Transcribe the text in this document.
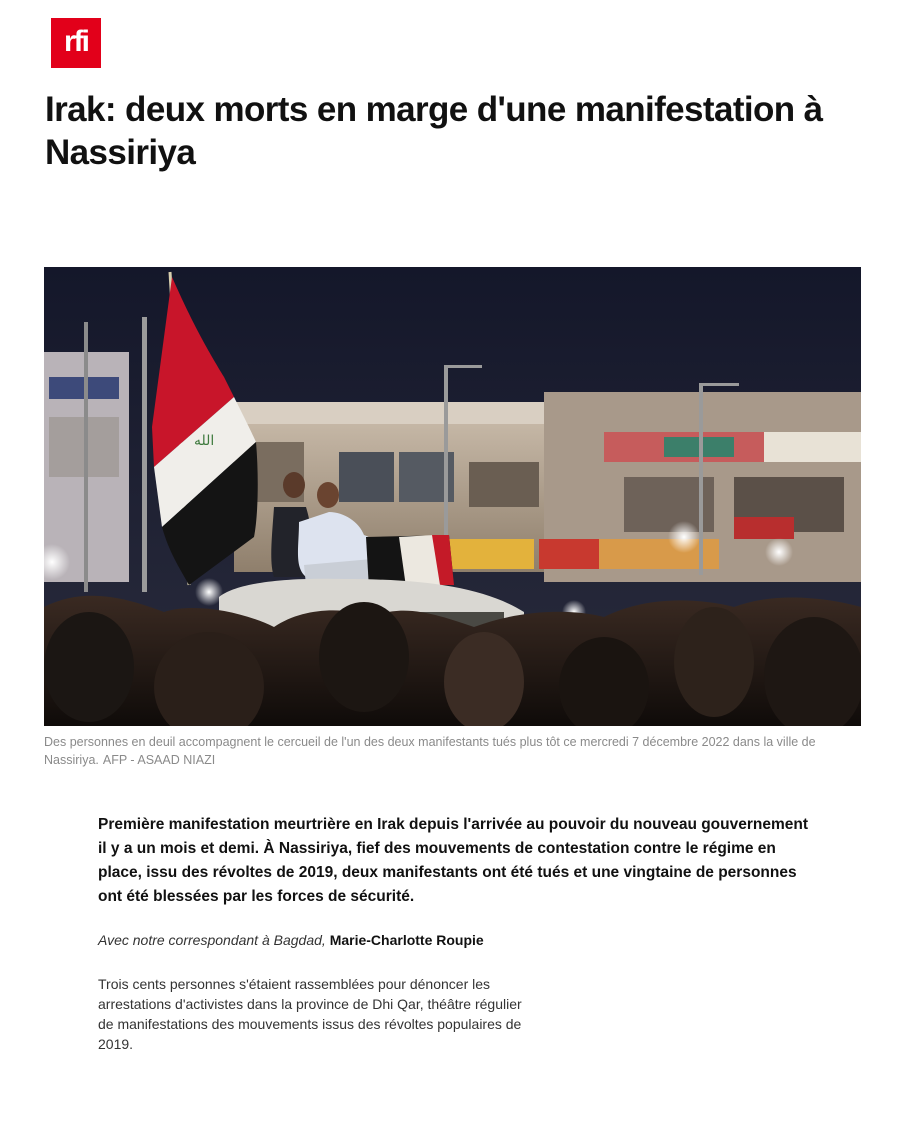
rfi
Irak: deux morts en marge d'une manifestation à Nassiriya
الله

Des personnes en deuil accompagnent le cercueil de l'un des deux manifestants tués plus tôt ce mercredi 7 décembre 2022 dans la ville de Nassiriya. AFP - ASAAD NIAZI

Première manifestation meurtrière en Irak depuis l'arrivée au pouvoir du nouveau gouvernement il y a un mois et demi. À Nassiriya, fief des mouvements de contestation contre le régime en place, issu des révoltes de 2019, deux manifestants ont été tués et une vingtaine de personnes ont été blessées par les forces de sécurité.

Avec notre correspondant à Bagdad, Marie-Charlotte Roupie

Trois cents personnes s'étaient rassemblées pour dénoncer les arrestations d'activistes dans la province de Dhi Qar, théâtre régulier de manifestations des mouvements issus des révoltes populaires de 2019.
